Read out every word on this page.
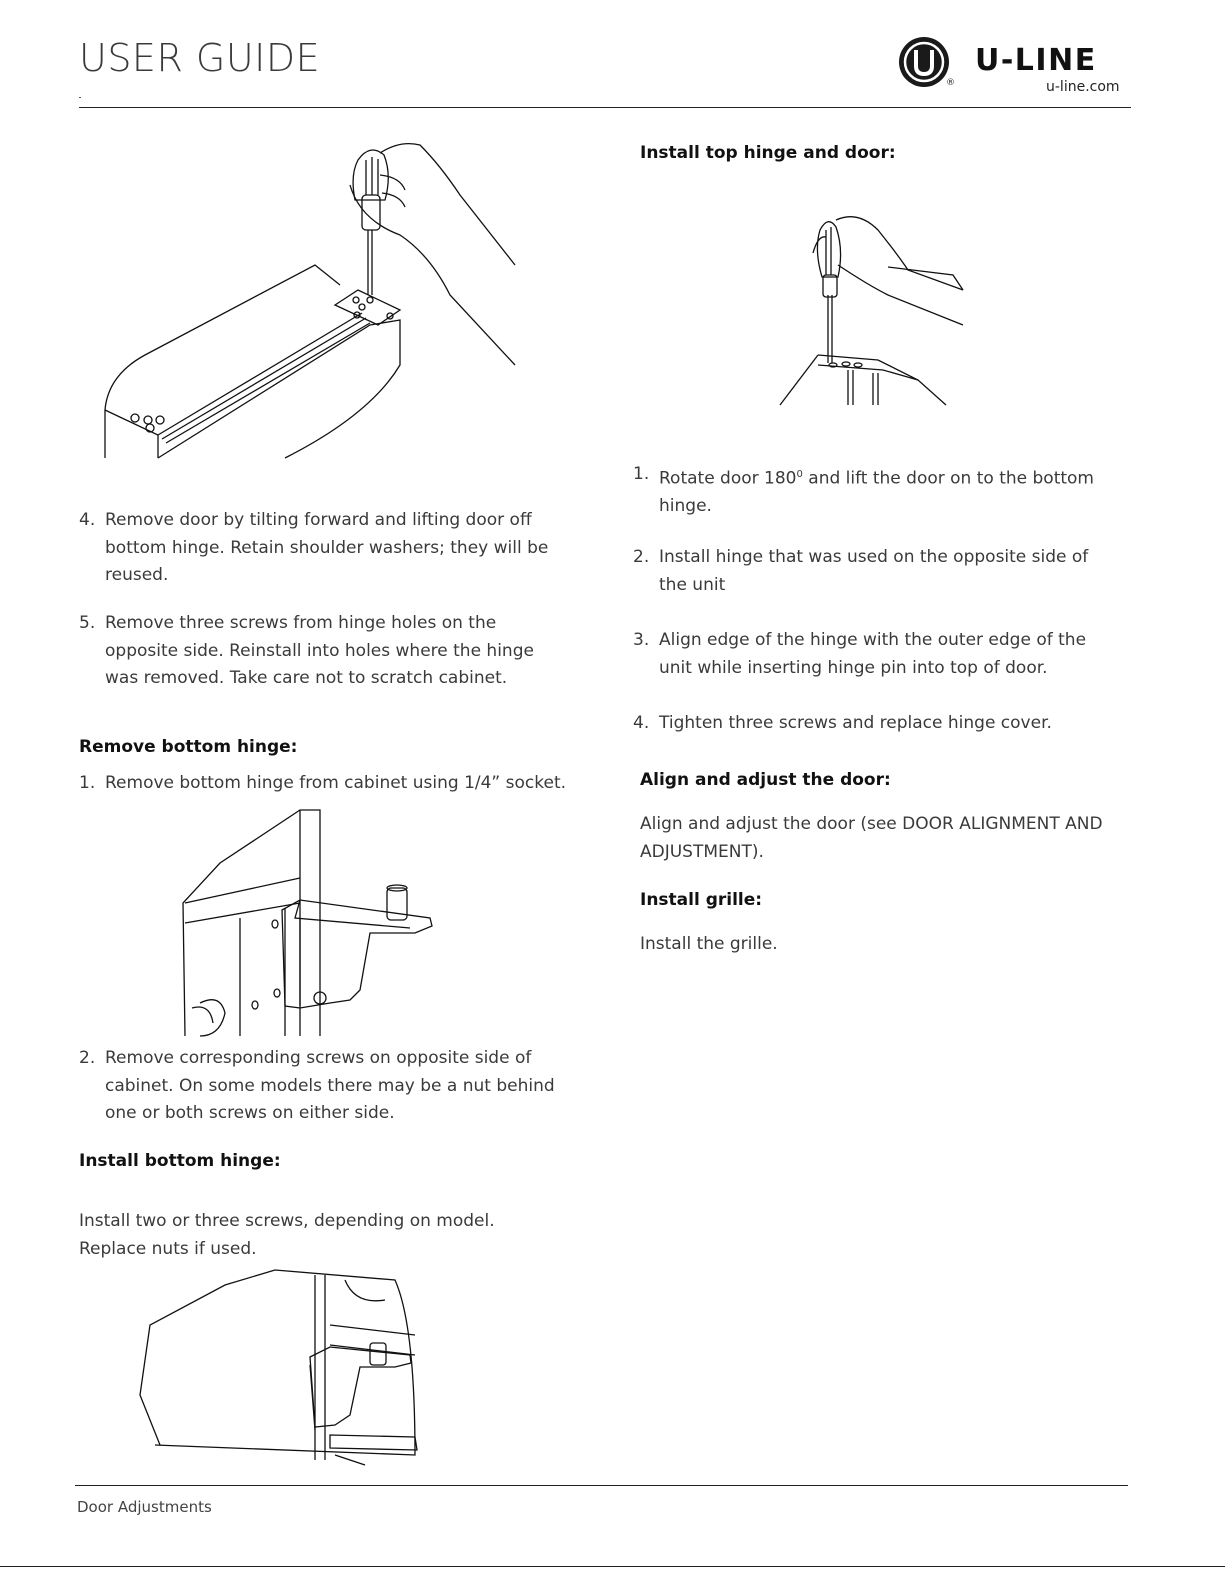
USER GUIDE
®
U-LINE
u-line.com
4. Remove door by tilting forward and lifting door off bottom hinge. Retain shoulder washers; they will be reused.
5. Remove three screws from hinge holes on the opposite side. Reinstall into holes where the hinge was removed. Take care not to scratch cabinet.
Remove bottom hinge:
1. Remove bottom hinge from cabinet using 1/4” socket.
2. Remove corresponding screws on opposite side of cabinet. On some models there may be a nut behind one or both screws on either side.
Install bottom hinge:

Install two or three screws, depending on model.

Replace nuts if used.

Install top hinge and door:
1. Rotate door $180^0$ and lift the door on to the bottom hinge.
2. Install hinge that was used on the opposite side of the unit
3. Align edge of the hinge with the outer edge of the unit while inserting hinge pin into top of door.
4. Tighten three screws and replace hinge cover.
Align and adjust the door:

Align and adjust the door (see DOOR ALIGNMENT AND ADJUSTMENT).

Install grille:

Install the grille.

Door Adjustments
